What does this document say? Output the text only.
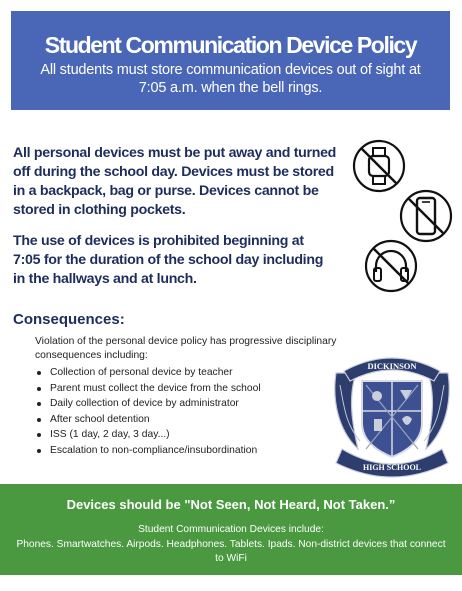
Student Communication Device Policy
All students must store communication devices out of sight at 7:05 a.m. when the bell rings.

All personal devices must be put away and turned off during the school day. Devices must be stored in a backpack, bag or purse. Devices cannot be stored in clothing pockets.

The use of devices is prohibited beginning at 7:05 for the duration of the school day including in the hallways and at lunch.

Consequences:
Violation of the personal device policy has progressive disciplinary consequences including:
Collection of personal device by teacher
Parent must collect the device from the school
Daily collection of device by administrator
After school detention
ISS (1 day, 2 day, 3 day...)
Escalation to non-compliance/insubordination
DICKINSON
HIGH SCHOOL
Devices should be "Not Seen, Not Heard, Not Taken.”
Student Communication Devices include:
Phones. Smartwatches. Airpods. Headphones. Tablets. Ipads. Non-district devices that connect to WiFi
